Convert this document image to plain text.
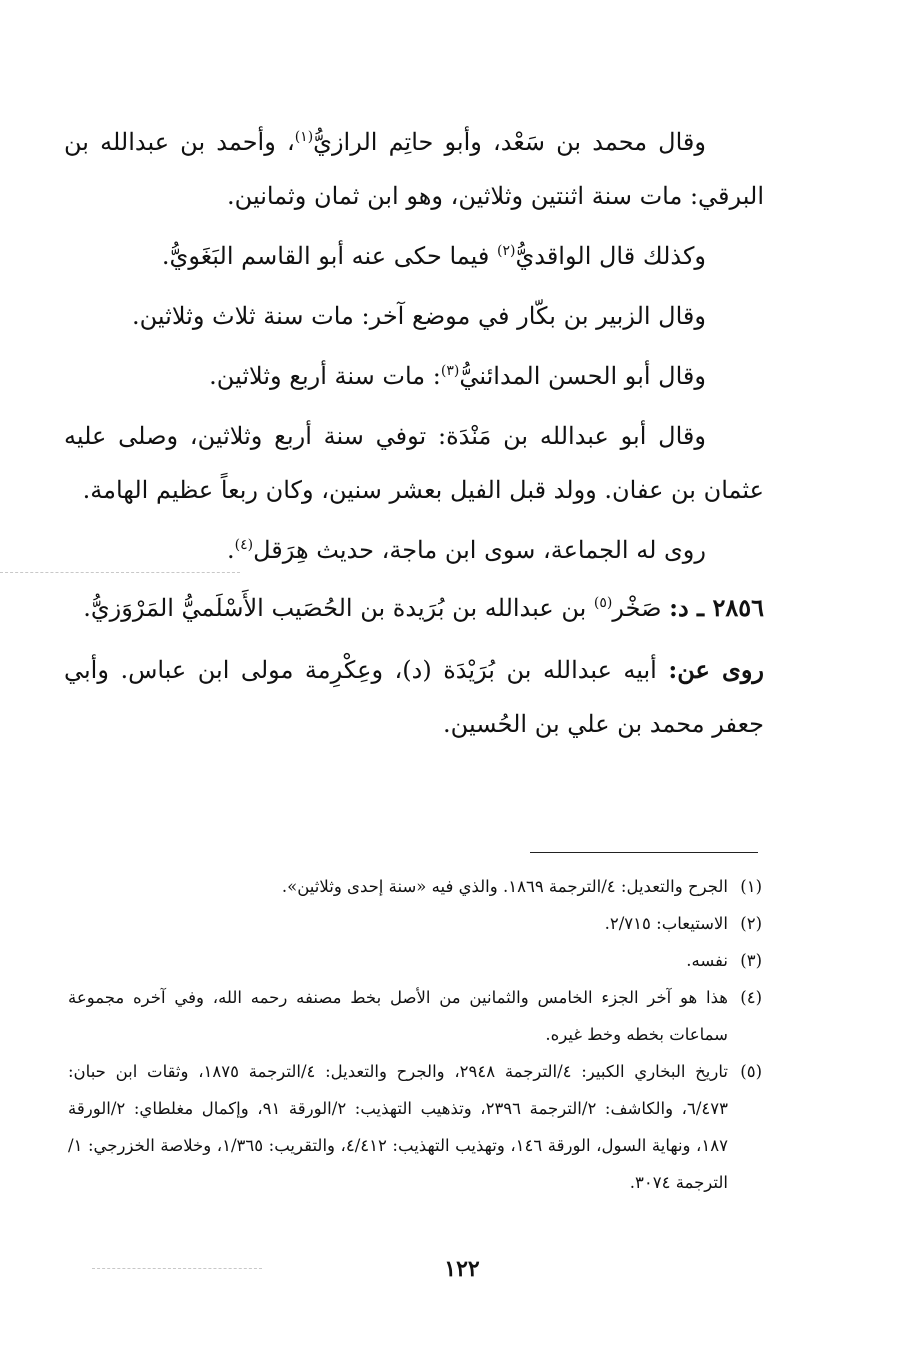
وقال محمد بن سَعْد، وأبو حاتِم الرازيُّ$^{(١)}$، وأحمد بن عبدالله بن البرقي: مات سنة اثنتين وثلاثين، وهو ابن ثمان وثمانين.

وكذلك قال الواقديُّ$^{(٢)}$ فيما حكى عنه أبو القاسم البَغَويُّ.

وقال الزبير بن بكّار في موضع آخر: مات سنة ثلاث وثلاثين.

وقال أبو الحسن المدائنيُّ$^{(٣)}$: مات سنة أربع وثلاثين.

وقال أبو عبدالله بن مَنْدَة: توفي سنة أربع وثلاثين، وصلى عليه عثمان بن عفان. وولد قبل الفيل بعشر سنين، وكان ربعاً عظيم الهامة.

روى له الجماعة، سوى ابن ماجة، حديث هِرَقل$^{(٤)}$.

٢٨٥٦ ـ د: صَخْر$^{(٥)}$ بن عبدالله بن بُرَيدة بن الحُصَيب الأَسْلَميُّ المَرْوَزيُّ.

روى عن: أبيه عبدالله بن بُرَيْدَة (د)، وعِكْرِمة مولى ابن عباس. وأبي جعفر محمد بن علي بن الحُسين.

(١)
الجرح والتعديل: ٤/الترجمة ١٨٦٩. والذي فيه «سنة إحدى وثلاثين».
(٢)
الاستيعاب: ٢/٧١٥.
(٣)
نفسه.
(٤)
هذا هو آخر الجزء الخامس والثمانين من الأصل بخط مصنفه رحمه الله، وفي آخره مجموعة سماعات بخطه وخط غيره.
(٥)
تاريخ البخاري الكبير: ٤/الترجمة ٢٩٤٨، والجرح والتعديل: ٤/الترجمة ١٨٧٥، وثقات ابن حبان: ٦/٤٧٣، والكاشف: ٢/الترجمة ٢٣٩٦، وتذهيب التهذيب: ٢/الورقة ٩١، وإكمال مغلطاي: ٢/الورقة ١٨٧، ونهاية السول، الورقة ١٤٦، وتهذيب التهذيب: ٤/٤١٢، والتقريب: ١/٣٦٥، وخلاصة الخزرجي: ١/الترجمة ٣٠٧٤.
١٢٢
